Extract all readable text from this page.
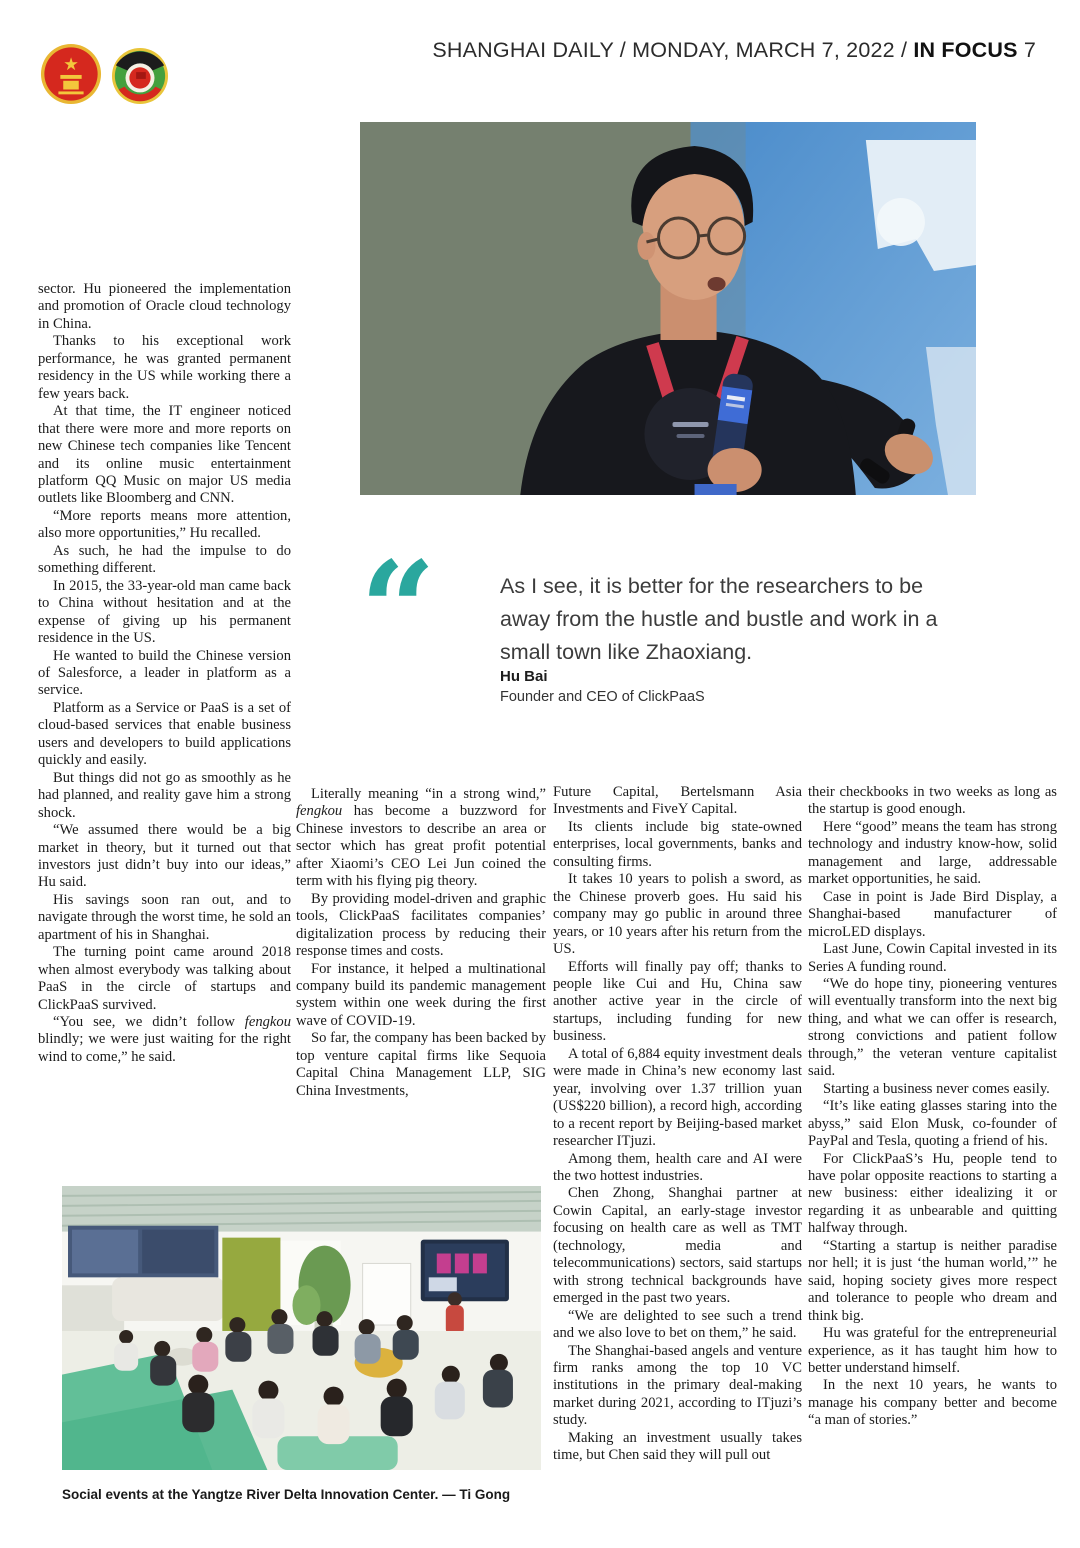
★
SHANGHAI DAILY / MONDAY, MARCH 7, 2022 / IN FOCUS 7
“	As I see, it is better for the researchers to be away from the hustle and bustle and work in a small town like Zhaoxiang.

Hu Bai
Founder and CEO of ClickPaaS

sector. Hu pioneered the implementation and promotion of Oracle cloud technology in China.

Thanks to his exceptional work performance, he was granted permanent residency in the US while working there a few years back.

At that time, the IT engineer noticed that there were more and more reports on new Chinese tech companies like Tencent and its online music entertainment platform QQ Music on major US media outlets like Bloomberg and CNN.

“More reports means more attention, also more opportunities,” Hu recalled.

As such, he had the impulse to do something different.

In 2015, the 33-year-old man came back to China without hesitation and at the expense of giving up his permanent residence in the US.

He wanted to build the Chinese version of Salesforce, a leader in platform as a service.

Platform as a Service or PaaS is a set of cloud-based services that enable business users and developers to build applications quickly and easily.

But things did not go as smoothly as he had planned, and reality gave him a strong shock.

“We assumed there would be a big market in theory, but it turned out that investors just didn’t buy into our ideas,” Hu said.

His savings soon ran out, and to navigate through the worst time, he sold an apartment of his in Shanghai.

The turning point came around 2018 when almost everybody was talking about PaaS in the circle of startups and ClickPaaS survived.

“You see, we didn’t follow fengkou blindly; we were just waiting for the right wind to come,” he said.

Literally meaning “in a strong wind,” fengkou has become a buzzword for Chinese investors to describe an area or sector which has great profit potential after Xiaomi’s CEO Lei Jun coined the term with his flying pig theory.

By providing model-driven and graphic tools, ClickPaaS facilitates companies’ digitalization process by reducing their response times and costs.

For instance, it helped a multinational company build its pandemic management system within one week during the first wave of COVID-19.

So far, the company has been backed by top venture capital firms like Sequoia Capital China Management LLP, SIG China Investments,

Future Capital, Bertelsmann Asia Investments and FiveY Capital.

Its clients include big state-owned enterprises, local governments, banks and consulting firms.

It takes 10 years to polish a sword, as the Chinese proverb goes. Hu said his company may go public in around three years, or 10 years after his return from the US.

Efforts will finally pay off; thanks to people like Cui and Hu, China saw another active year in the circle of startups, including funding for new business.

A total of 6,884 equity investment deals were made in China’s new economy last year, involving over 1.37 trillion yuan (US$220 billion), a record high, according to a recent report by Beijing-based market researcher ITjuzi.

Among them, health care and AI were the two hottest industries.

Chen Zhong, Shanghai partner at Cowin Capital, an early-stage investor focusing on health care as well as TMT (technology, media and telecommunications) sectors, said startups with strong technical backgrounds have emerged in the past two years.

“We are delighted to see such a trend and we also love to bet on them,” he said.

The Shanghai-based angels and venture firm ranks among the top 10 VC institutions in the primary deal-making market during 2021, according to ITjuzi’s study.

Making an investment usually takes time, but Chen said they will pull out

their checkbooks in two weeks as long as the startup is good enough.

Here “good” means the team has strong technology and industry know-how, solid management and large, addressable market opportunities, he said.

Case in point is Jade Bird Display, a Shanghai-based manufacturer of microLED displays.

Last June, Cowin Capital invested in its Series A funding round.

“We do hope tiny, pioneering ventures will eventually transform into the next big thing, and what we can offer is research, strong convictions and patient follow through,” the veteran venture capitalist said.

Starting a business never comes easily.

“It’s like eating glasses staring into the abyss,” said Elon Musk, co-founder of PayPal and Tesla, quoting a friend of his.

For ClickPaaS’s Hu, people tend to have polar opposite reactions to starting a new business: either idealizing it or regarding it as unbearable and quitting halfway through.

“Starting a startup is neither paradise nor hell; it is just ‘the human world,’” he said, hoping society gives more respect and tolerance to people who dream and think big.

Hu was grateful for the entrepreneurial experience, as it has taught him how to better understand himself.

In the next 10 years, he wants to manage his company better and become “a man of stories.”

Social events at the Yangtze River Delta Innovation Center. — Ti Gong
